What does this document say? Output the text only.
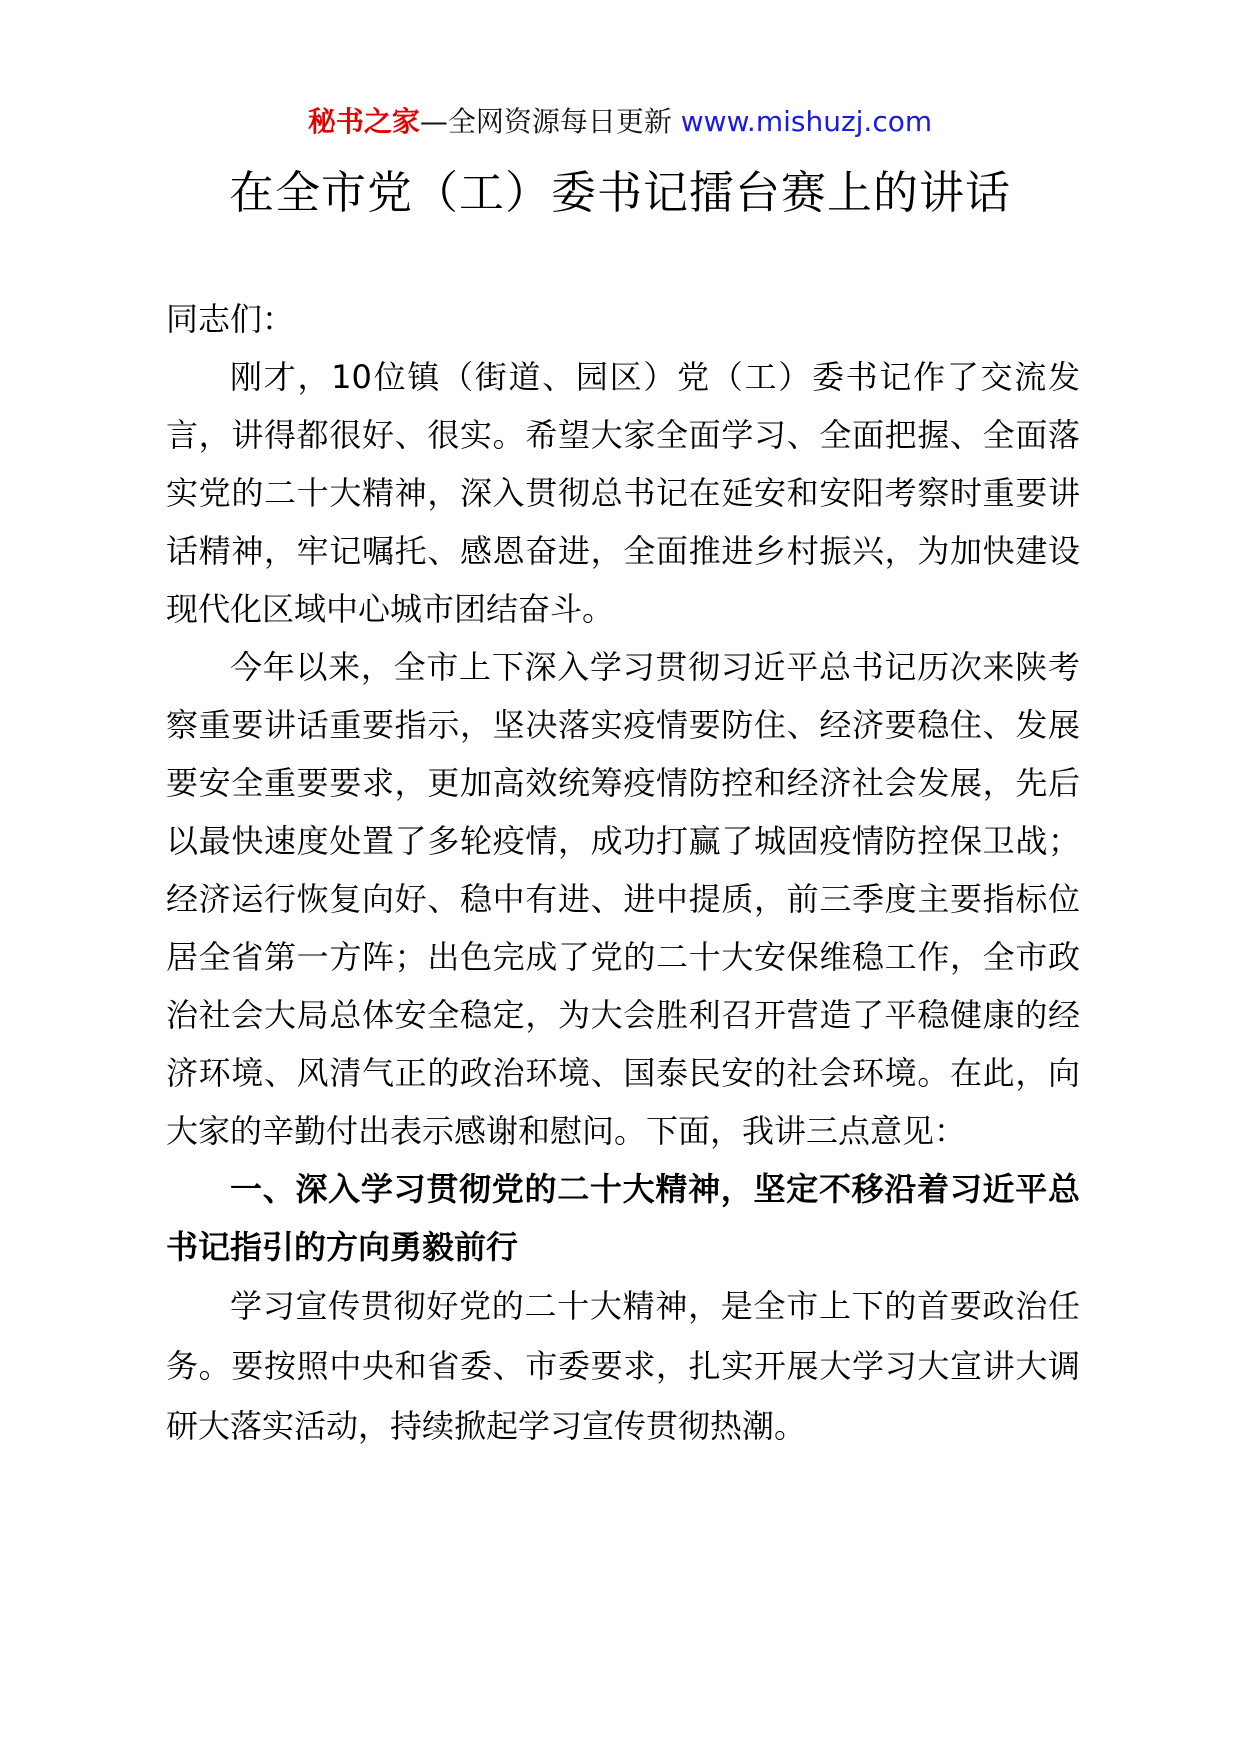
秘书之家—全网资源每日更新 www.mishuzj.com
在全市党（工）委书记擂台赛上的讲话

同志们：

刚才，10位镇（街道、园区）党（工）委书记作了交流发言，讲得都很好、很实。希望大家全面学习、全面把握、全面落实党的二十大精神，深入贯彻总书记在延安和安阳考察时重要讲话精神，牢记嘱托、感恩奋进，全面推进乡村振兴，为加快建设现代化区域中心城市团结奋斗。

今年以来，全市上下深入学习贯彻习近平总书记历次来陕考察重要讲话重要指示，坚决落实疫情要防住、经济要稳住、发展要安全重要要求，更加高效统筹疫情防控和经济社会发展，先后以最快速度处置了多轮疫情，成功打赢了城固疫情防控保卫战；经济运行恢复向好、稳中有进、进中提质，前三季度主要指标位居全省第一方阵；出色完成了党的二十大安保维稳工作，全市政治社会大局总体安全稳定，为大会胜利召开营造了平稳健康的经济环境、风清气正的政治环境、国泰民安的社会环境。在此，向大家的辛勤付出表示感谢和慰问。下面，我讲三点意见：

一、深入学习贯彻党的二十大精神，坚定不移沿着习近平总书记指引的方向勇毅前行

学习宣传贯彻好党的二十大精神，是全市上下的首要政治任务。要按照中央和省委、市委要求，扎实开展大学习大宣讲大调研大落实活动，持续掀起学习宣传贯彻热潮。
